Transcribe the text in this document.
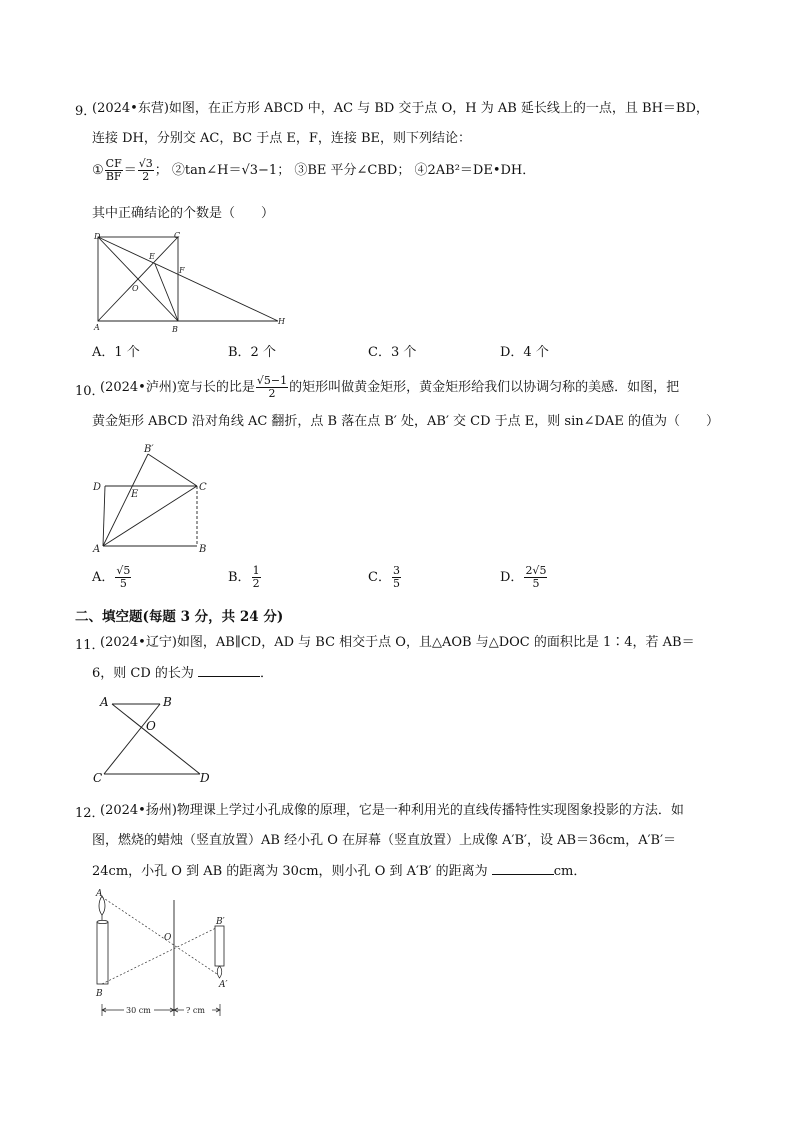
9．
(2024•东营)如图，在正方形 ABCD 中，AC 与 BD 交于点 O，H 为 AB 延长线上的一点，且 BH＝BD，
连接 DH，分别交 AC，BC 于点 E，F，连接 BE，则下列结论：
① $\frac{CF}{BF} = \frac{√3}{2}$ ； ②tan∠H＝√3−1； ③BE 平分∠CBD； ④2AB²＝DE•DH．
其中正确结论的个数是（　　）
D	C
A	B
E
F
O
H
A．1 个	B．2 个	C．3 个	D．4 个
10．
(2024•泸州)宽与长的比是 $\frac{√5-1}{2}$ 的矩形叫做黄金矩形，黄金矩形给我们以协调匀称的美感．如图，把
黄金矩形 ABCD 沿对角线 AC 翻折，点 B 落在点 B′ 处，AB′ 交 CD 于点 E，则 sin∠DAE 的值为（　　）
B′
D	C
E
A	B
A． $\frac{√5}{5}$	B． $\frac{1}{2}$	C． $\frac{3}{5}$	D． $\frac{2√5}{5}$
二、填空题(每题 3 分，共 24 分)
11．
(2024•辽宁)如图，AB∥CD，AD 与 BC 相交于点 O，且△AOB 与△DOC 的面积比是 1∶4，若 AB＝
6，则 CD 的长为	．
A	B
O
C	D
12．
(2024•扬州)物理课上学过小孔成像的原理，它是一种利用光的直线传播特性实现图象投影的方法．如
图，燃烧的蜡烛（竖直放置）AB 经小孔 O 在屏幕（竖直放置）上成像 A′B′，设 AB＝36cm，A′B′＝
24cm，小孔 O 到 AB 的距离为 30cm，则小孔 O 到 A′B′ 的距离为	cm．
A
B
O
B′
A′
30 cm	? cm
